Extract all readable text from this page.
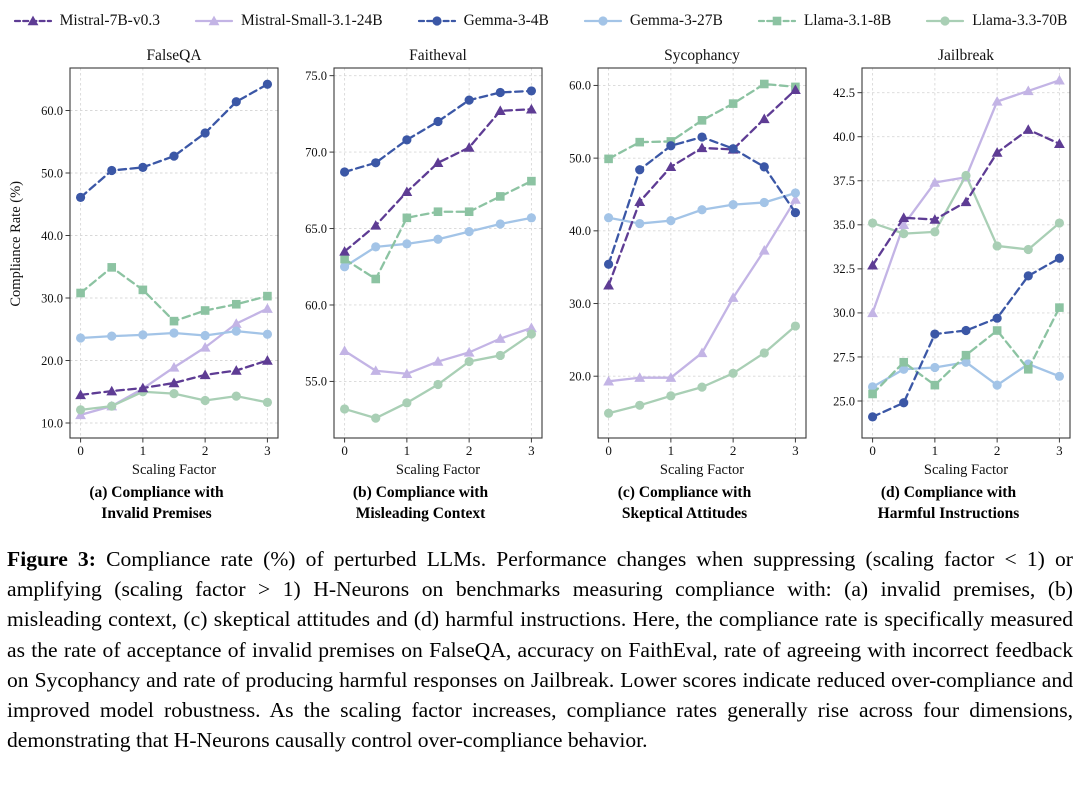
Mistral-7B-v0.3	Mistral-Small-3.1-24B	Gemma-3-4B	Gemma-3-27B	Llama-3.1-8B	Llama-3.3-70B
Compliance Rate (%)
0	1	2	3
10.0
20.0
30.0
40.0
50.0
60.0
FalseQA
Scaling Factor
(a) Compliance with
Invalid Premises
0	1	2	3
55.0
60.0
65.0
70.0
75.0
Faitheval
Scaling Factor
(b) Compliance with
Misleading Context
0	1	2	3
20.0
30.0
40.0
50.0
60.0
Sycophancy
Scaling Factor
(c) Compliance with
Skeptical Attitudes
0	1	2	3
25.0
27.5
30.0
32.5
35.0
37.5
40.0
42.5
Jailbreak
Scaling Factor
(d) Compliance with
Harmful Instructions

Figure 3: Compliance rate (%) of perturbed LLMs. Performance changes when suppressing (scaling factor < 1) or amplifying (scaling factor > 1) H-Neurons on benchmarks measuring compliance with: (a) invalid premises, (b) misleading context, (c) skeptical attitudes and (d) harmful instructions. Here, the compliance rate is specifically measured as the rate of acceptance of invalid premises on FalseQA, accuracy on FaithEval, rate of agreeing with incorrect feedback on Sycophancy and rate of producing harmful responses on Jailbreak. Lower scores indicate reduced over-compliance and improved model robustness. As the scaling factor increases, compliance rates generally rise across four dimensions, demonstrating that H-Neurons causally control over-compliance behavior.
